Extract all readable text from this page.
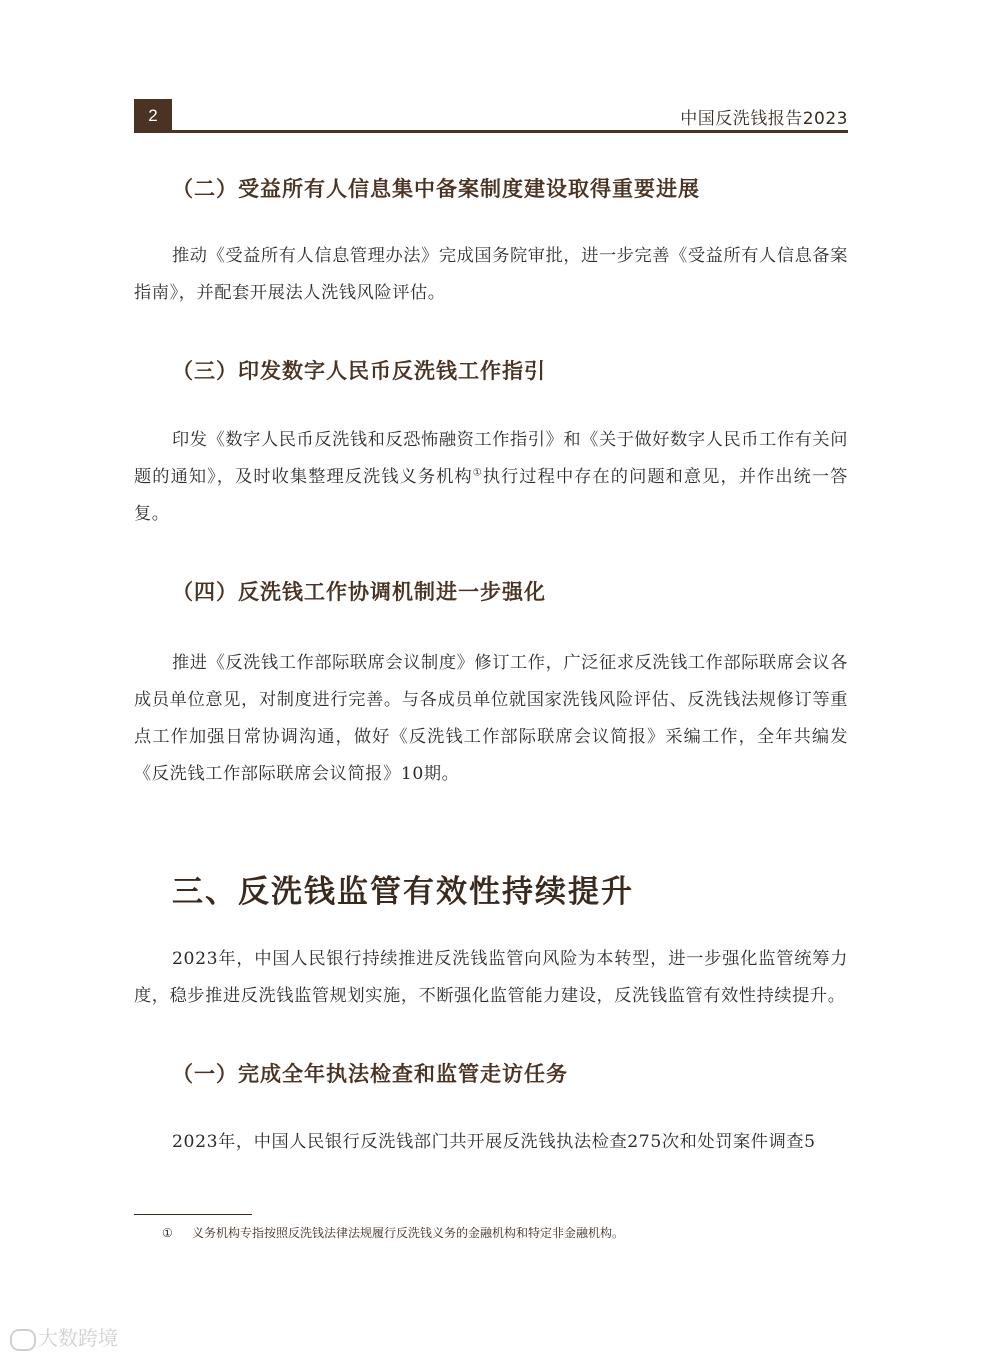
2	中国反洗钱报告2023
（二）受益所有人信息集中备案制度建设取得重要进展
推动《受益所有人信息管理办法》完成国务院审批，进一步完善《受益所有人信息备案指南》，并配套开展法人洗钱风险评估。
（三）印发数字人民币反洗钱工作指引
印发《数字人民币反洗钱和反恐怖融资工作指引》和《关于做好数字人民币工作有关问题的通知》，及时收集整理反洗钱义务机构①执行过程中存在的问题和意见，并作出统一答复。
（四）反洗钱工作协调机制进一步强化
推进《反洗钱工作部际联席会议制度》修订工作，广泛征求反洗钱工作部际联席会议各成员单位意见，对制度进行完善。与各成员单位就国家洗钱风险评估、反洗钱法规修订等重点工作加强日常协调沟通，做好《反洗钱工作部际联席会议简报》采编工作，全年共编发《反洗钱工作部际联席会议简报》10期。
三、反洗钱监管有效性持续提升
2023年，中国人民银行持续推进反洗钱监管向风险为本转型，进一步强化监管统筹力度，稳步推进反洗钱监管规划实施，不断强化监管能力建设，反洗钱监管有效性持续提升。
（一）完成全年执法检查和监管走访任务
2023年，中国人民银行反洗钱部门共开展反洗钱执法检查275次和处罚案件调查5
① 义务机构专指按照反洗钱法律法规履行反洗钱义务的金融机构和特定非金融机构。
大数跨境
